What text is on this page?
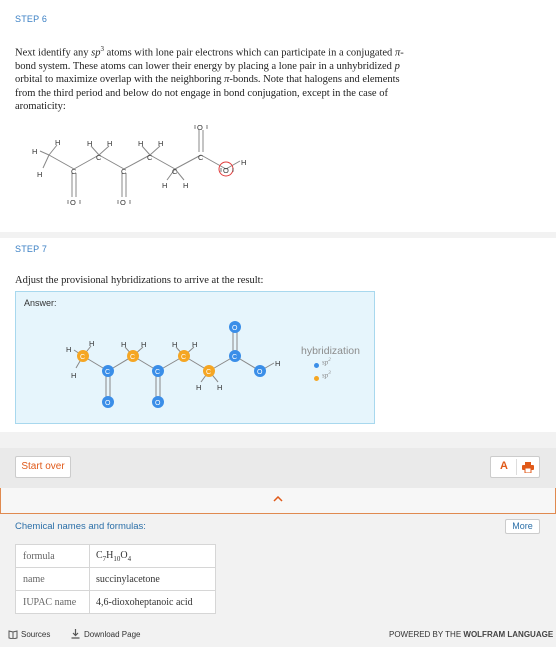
STEP 6
Next identify any $sp^3$ atoms with lone pair electrons which can participate in a conjugated π-bond system. These atoms can lower their energy by placing a lone pair in a unhybridized p orbital to maximize overlap with the neighboring π-bonds. Note that halogens and elements from the third period and below do not engage in bond conjugation, except in the case of aromaticity:
H
H
H	C
H H
C
C
H H
C
C
H H
C
O
O
H
O	O
STEP 7
Adjust the provisional hybridizations to arrive at the result:
Answer:
C	C	C
C
C	C
C
O
O
O	O
H
H
H
H H	H H
H H
H
hybridization
$sp^2$
$sp^3$
Start over	A
Chemical names and formulas:	More
formula	$C_7H_{10}O_4$
name	succinylacetone
IUPAC name	4,6-dioxoheptanoic acid
Sources	Download Page	POWERED BY THE WOLFRAM LANGUAGE
